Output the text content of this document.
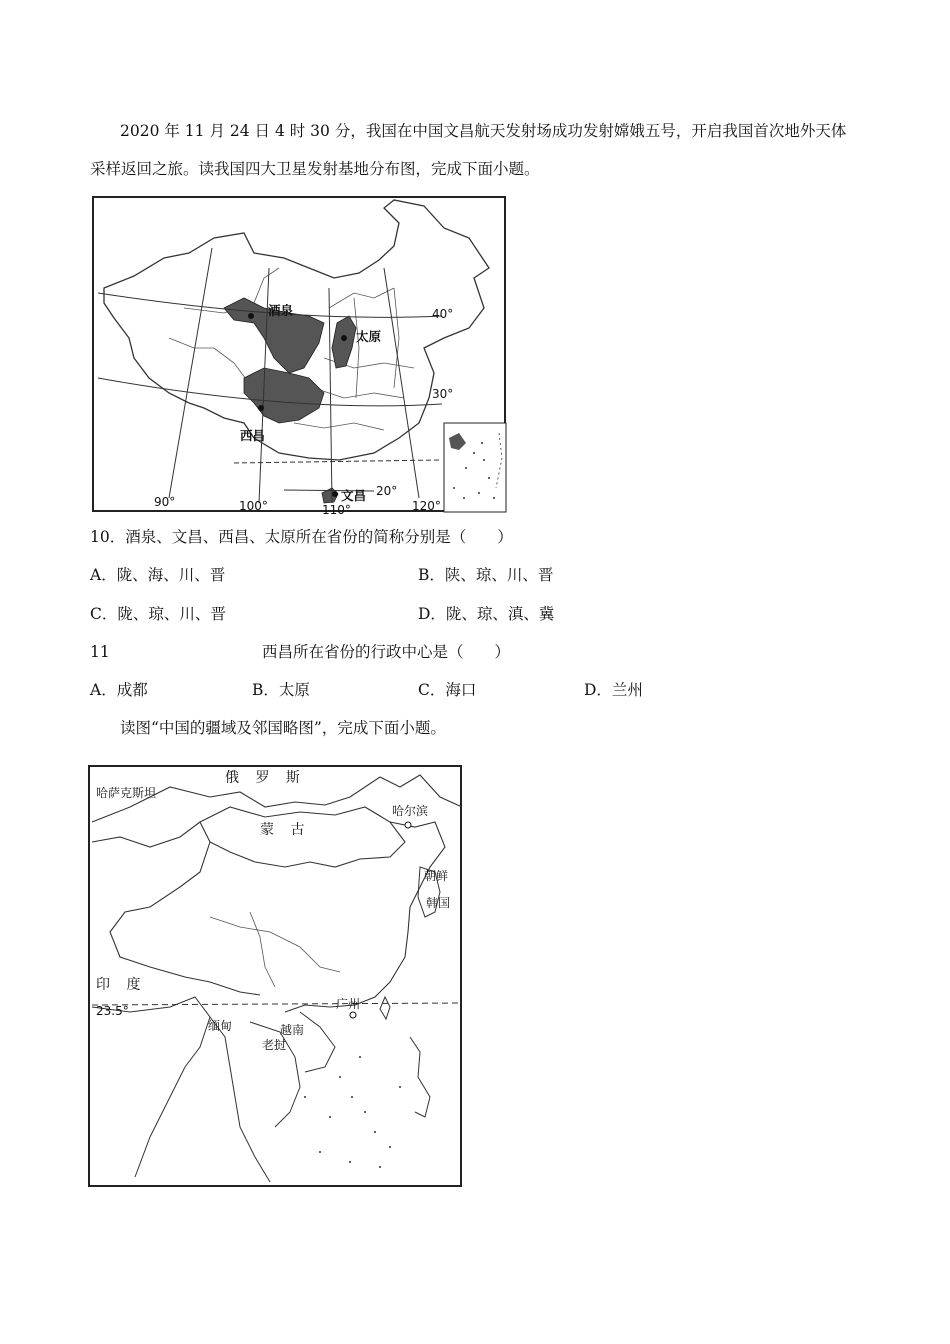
2020 年 11 月 24 日 4 时 30 分，我国在中国文昌航天发射场成功发射嫦娥五号，开启我国首次地外天体
采样返回之旅。读我国四大卫星发射基地分布图，完成下面小题。
酒泉
太原
西昌
文昌
40°
30°
20°
90°	100°	110°	120°
10．酒泉、文昌、西昌、太原所在省份的简称分别是（　　）
A．陇、海、川、晋	B．陕、琼、川、晋
C．陇、琼、川、晋	D．陇、琼、滇、冀
11	西昌所在省份的行政中心是（　　）
A．成都	B．太原	C．海口	D．兰州
读图“中国的疆域及邻国略图”，完成下面小题。
俄 罗 斯
哈萨克斯坦
蒙 古
哈尔滨
印 度
23.5°	广州
缅甸	越南
老挝
朝鲜
韩国
